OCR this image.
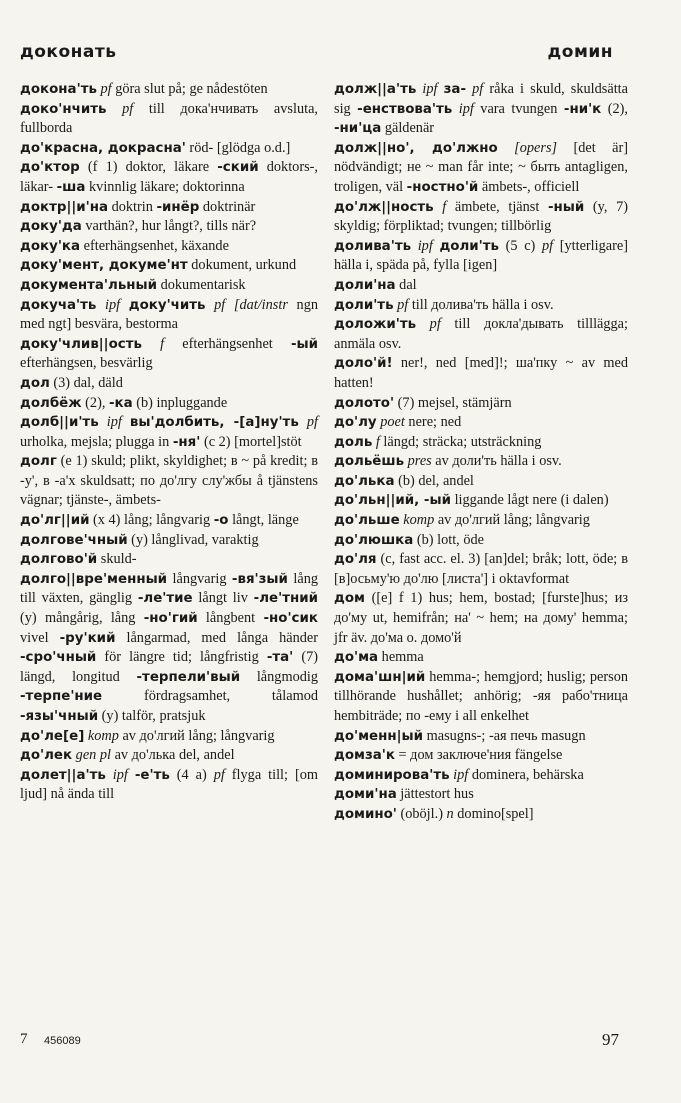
доконать	домин
докона'ть pf göra slut på; ge nådestöten
доко'нчить pf till дока'нчивать avsluta, fullborda
до'красна, докрасна' röd- [glödga o.d.]
до'ктор (f 1) doktor, läkare -ский doktors-, läkar- -ша kvinnlig läkare; doktorinna
доктр||и'на doktrin -инёр doktrinär
доку'да varthän?, hur långt?, tills när?
доку'ка efterhängsenhet, käxande
доку'мент, докуме'нт dokument, urkund
документа'льный dokumentarisk
докуча'ть ipf доку'чить pf [dat/instr ngn med ngt] besvära, bestorma
доку'члив||ость f efterhängsenhet -ый efterhängsen, besvärlig
дол (3) dal, däld
долбёж (2), -ка (b) inpluggande
долб||и'ть ipf вы'долбить, -[а]ну'ть pf urholka, mejsla; plugga in -ня' (c 2) [mortel]stöt
долг (e 1) skuld; plikt, skyldighet; в ~ på kredit; в -у', в -а'х skuldsatt; по до'лгу слу'жбы å tjänstens vägnar; tjänste-, ämbets-
до'лг||ий (x 4) lång; långvarig -о långt, länge
долгове'чный (y) långlivad, varaktig
долгово'й skuld-
долго||вре'менный långvarig -вя'зый lång till växten, gänglig -ле'тие långt liv -ле'тний (y) mångårig, lång -но'гий långbent -но'сик vivel -ру'кий långarmad, med långa händer -сро'чный för längre tid; långfristig -та' (7) längd, longitud -терпели'вый långmodig -терпе'ние fördragsamhet, tålamod -язы'чный (y) talför, pratsjuk
до'ле[е] komp av до'лгий lång; långvarig
до'лек gen pl av до'лька del, andel
долет||а'ть ipf -е'ть (4 a) pf flyga till; [om ljud] nå ända till
долж||а'ть ipf за- pf råka i skuld, skuldsätta sig -енствова'ть ipf vara tvungen -ни'к (2), -ни'ца gäldenär
долж||но', до'лжно [opers] [det är] nödvändigt; не ~ man får inte; ~ быть antagligen, troligen, väl -ностно'й ämbets-, officiell
до'лж||ность f ämbete, tjänst -ный (y, 7) skyldig; förpliktad; tvungen; tillbörlig
долива'ть ipf доли'ть (5 c) pf [ytterligare] hälla i, späda på, fylla [igen]
доли'на dal
доли'ть pf till долива'ть hälla i osv.
доложи'ть pf till докла'дывать tilllägga; anmäla osv.
доло'й! ner!, ned [med]!; ша'пку ~ av med hatten!
долото' (7) mejsel, stämjärn
до'лу poet nere; ned
доль f längd; sträcka; utsträckning
дольёшь pres av доли'ть hälla i osv.
до'лька (b) del, andel
до'льн||ий, -ый liggande lågt nere (i dalen)
до'льше komp av до'лгий lång; långvarig
до'люшка (b) lott, öde
до'ля (c, fast acc. el. 3) [an]del; bråk; lott, öde; в [в]осьму'ю до'лю [листа'] i oktavformat
дом ([e] f 1) hus; hem, bostad; [furste]hus; из до'му ut, hemifrån; на' ~ hem; на дому' hemma; jfr äv. до'ма o. домо'й
до'ма hemma
дома'шн|ий hemma-; hemgjord; huslig; person tillhörande hushållet; anhörig; -яя рабо'тница hembiträde; по -ему i all enkelhet
до'менн|ый masugns-; -ая печь masugn
домза'к = дом заключе'ния fängelse
доминирова'ть ipf dominera, behärska
доми'на jättestort hus
домино' (oböjl.) n domino[spel]
7 456089	97
